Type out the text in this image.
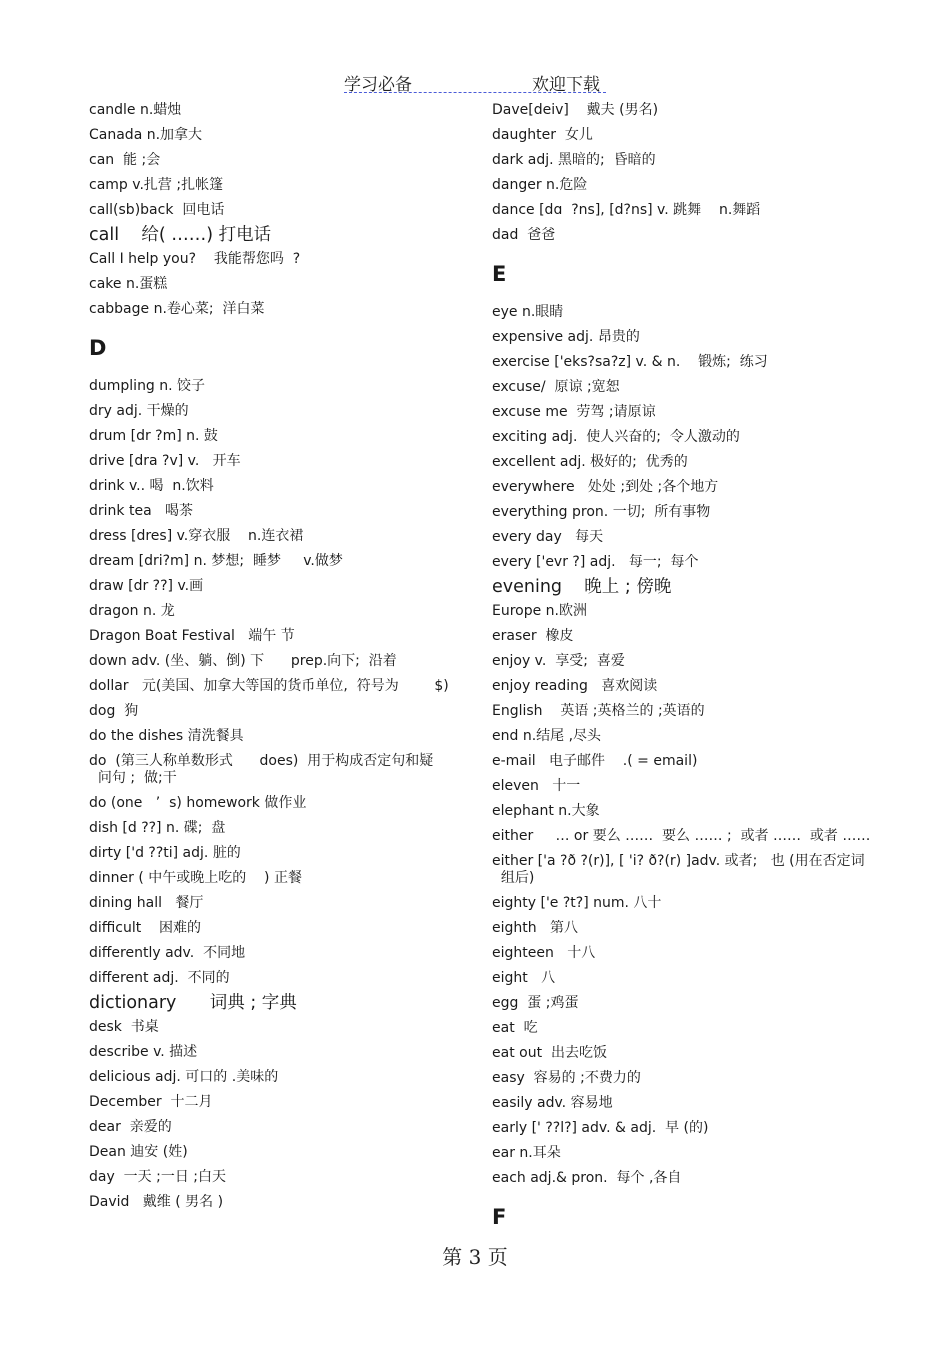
学习必备	欢迎下载
candle n.蜡烛
Canada n.加拿大
can  能 ;会
camp v.扎营 ;扎帐篷
call(sb)back  回电话
call    给( ……) 打电话
Call I help you?    我能帮您吗  ?
cake n.蛋糕
cabbage n.卷心菜;  洋白菜
D
dumpling n. 饺子
dry adj. 干燥的
drum [dr ?m] n. 鼓
drive [dra ?v] v.   开车
drink v.. 喝  n.饮料
drink tea   喝茶
dress [dres] v.穿衣服    n.连衣裙
dream [dri?m] n. 梦想;  睡梦     v.做梦
draw [dr ??] v.画
dragon n. 龙
Dragon Boat Festival   端午 节
down adv. (坐、躺、倒) 下      prep.向下;  沿着
dollar   元(美国、加拿大等国的货币单位,  符号为        $)
dog  狗
do the dishes 清洗餐具
do  (第三人称单数形式      does)  用于构成否定句和疑
问句 ;  做;干
do (one   ’  s) homework 做作业
dish [d ??] n. 碟;  盘
dirty ['d ??ti] adj. 脏的
dinner ( 中午或晚上吃的    ) 正餐
dining hall   餐厅
difficult    困难的
differently adv.  不同地
different adj.  不同的
dictionary      词典 ; 字典
desk  书桌
describe v. 描述
delicious adj. 可口的 .美味的
December  十二月
dear  亲爱的
Dean 迪安 (姓)
day  一天 ;一日 ;白天
David   戴维 ( 男名 )
Dave[deiv]    戴夫 (男名)
daughter  女儿
dark adj. 黑暗的;  昏暗的
danger n.危险
dance [dɑ  ?ns], [d?ns] v. 跳舞    n.舞蹈
dad  爸爸
E
eye n.眼睛
expensive adj. 昂贵的
exercise ['eks?sa?z] v. & n.    锻炼;  练习
excuse/  原谅 ;宽恕
excuse me  劳驾 ;请原谅
exciting adj.  使人兴奋的;  令人激动的
excellent adj. 极好的;  优秀的
everywhere   处处 ;到处 ;各个地方
everything pron. 一切;  所有事物
every day   每天
every ['evr ?] adj.   每一;  每个
evening    晚上 ; 傍晚
Europe n.欧洲
eraser  橡皮
enjoy v.  享受;  喜爱
enjoy reading   喜欢阅读
English    英语 ;英格兰的 ;英语的
end n.结尾 ,尽头
e-mail   电子邮件    .( = email)
eleven   十一
elephant n.大象
either     … or 要么 ……  要么 …… ;  或者 ……  或者 ……
either ['a ?ð ?(r)], [ 'i? ð?(r) ]adv. 或者;   也 (用在否定词
组后)
eighty ['e ?t?] num. 八十
eighth   第八
eighteen   十八
eight   八
egg  蛋 ;鸡蛋
eat  吃
eat out  出去吃饭
easy  容易的 ;不费力的
easily adv. 容易地
early [' ??l?] adv. & adj.  早 (的)
ear n.耳朵
each adj.& pron.  每个 ,各自
F
第 3 页
